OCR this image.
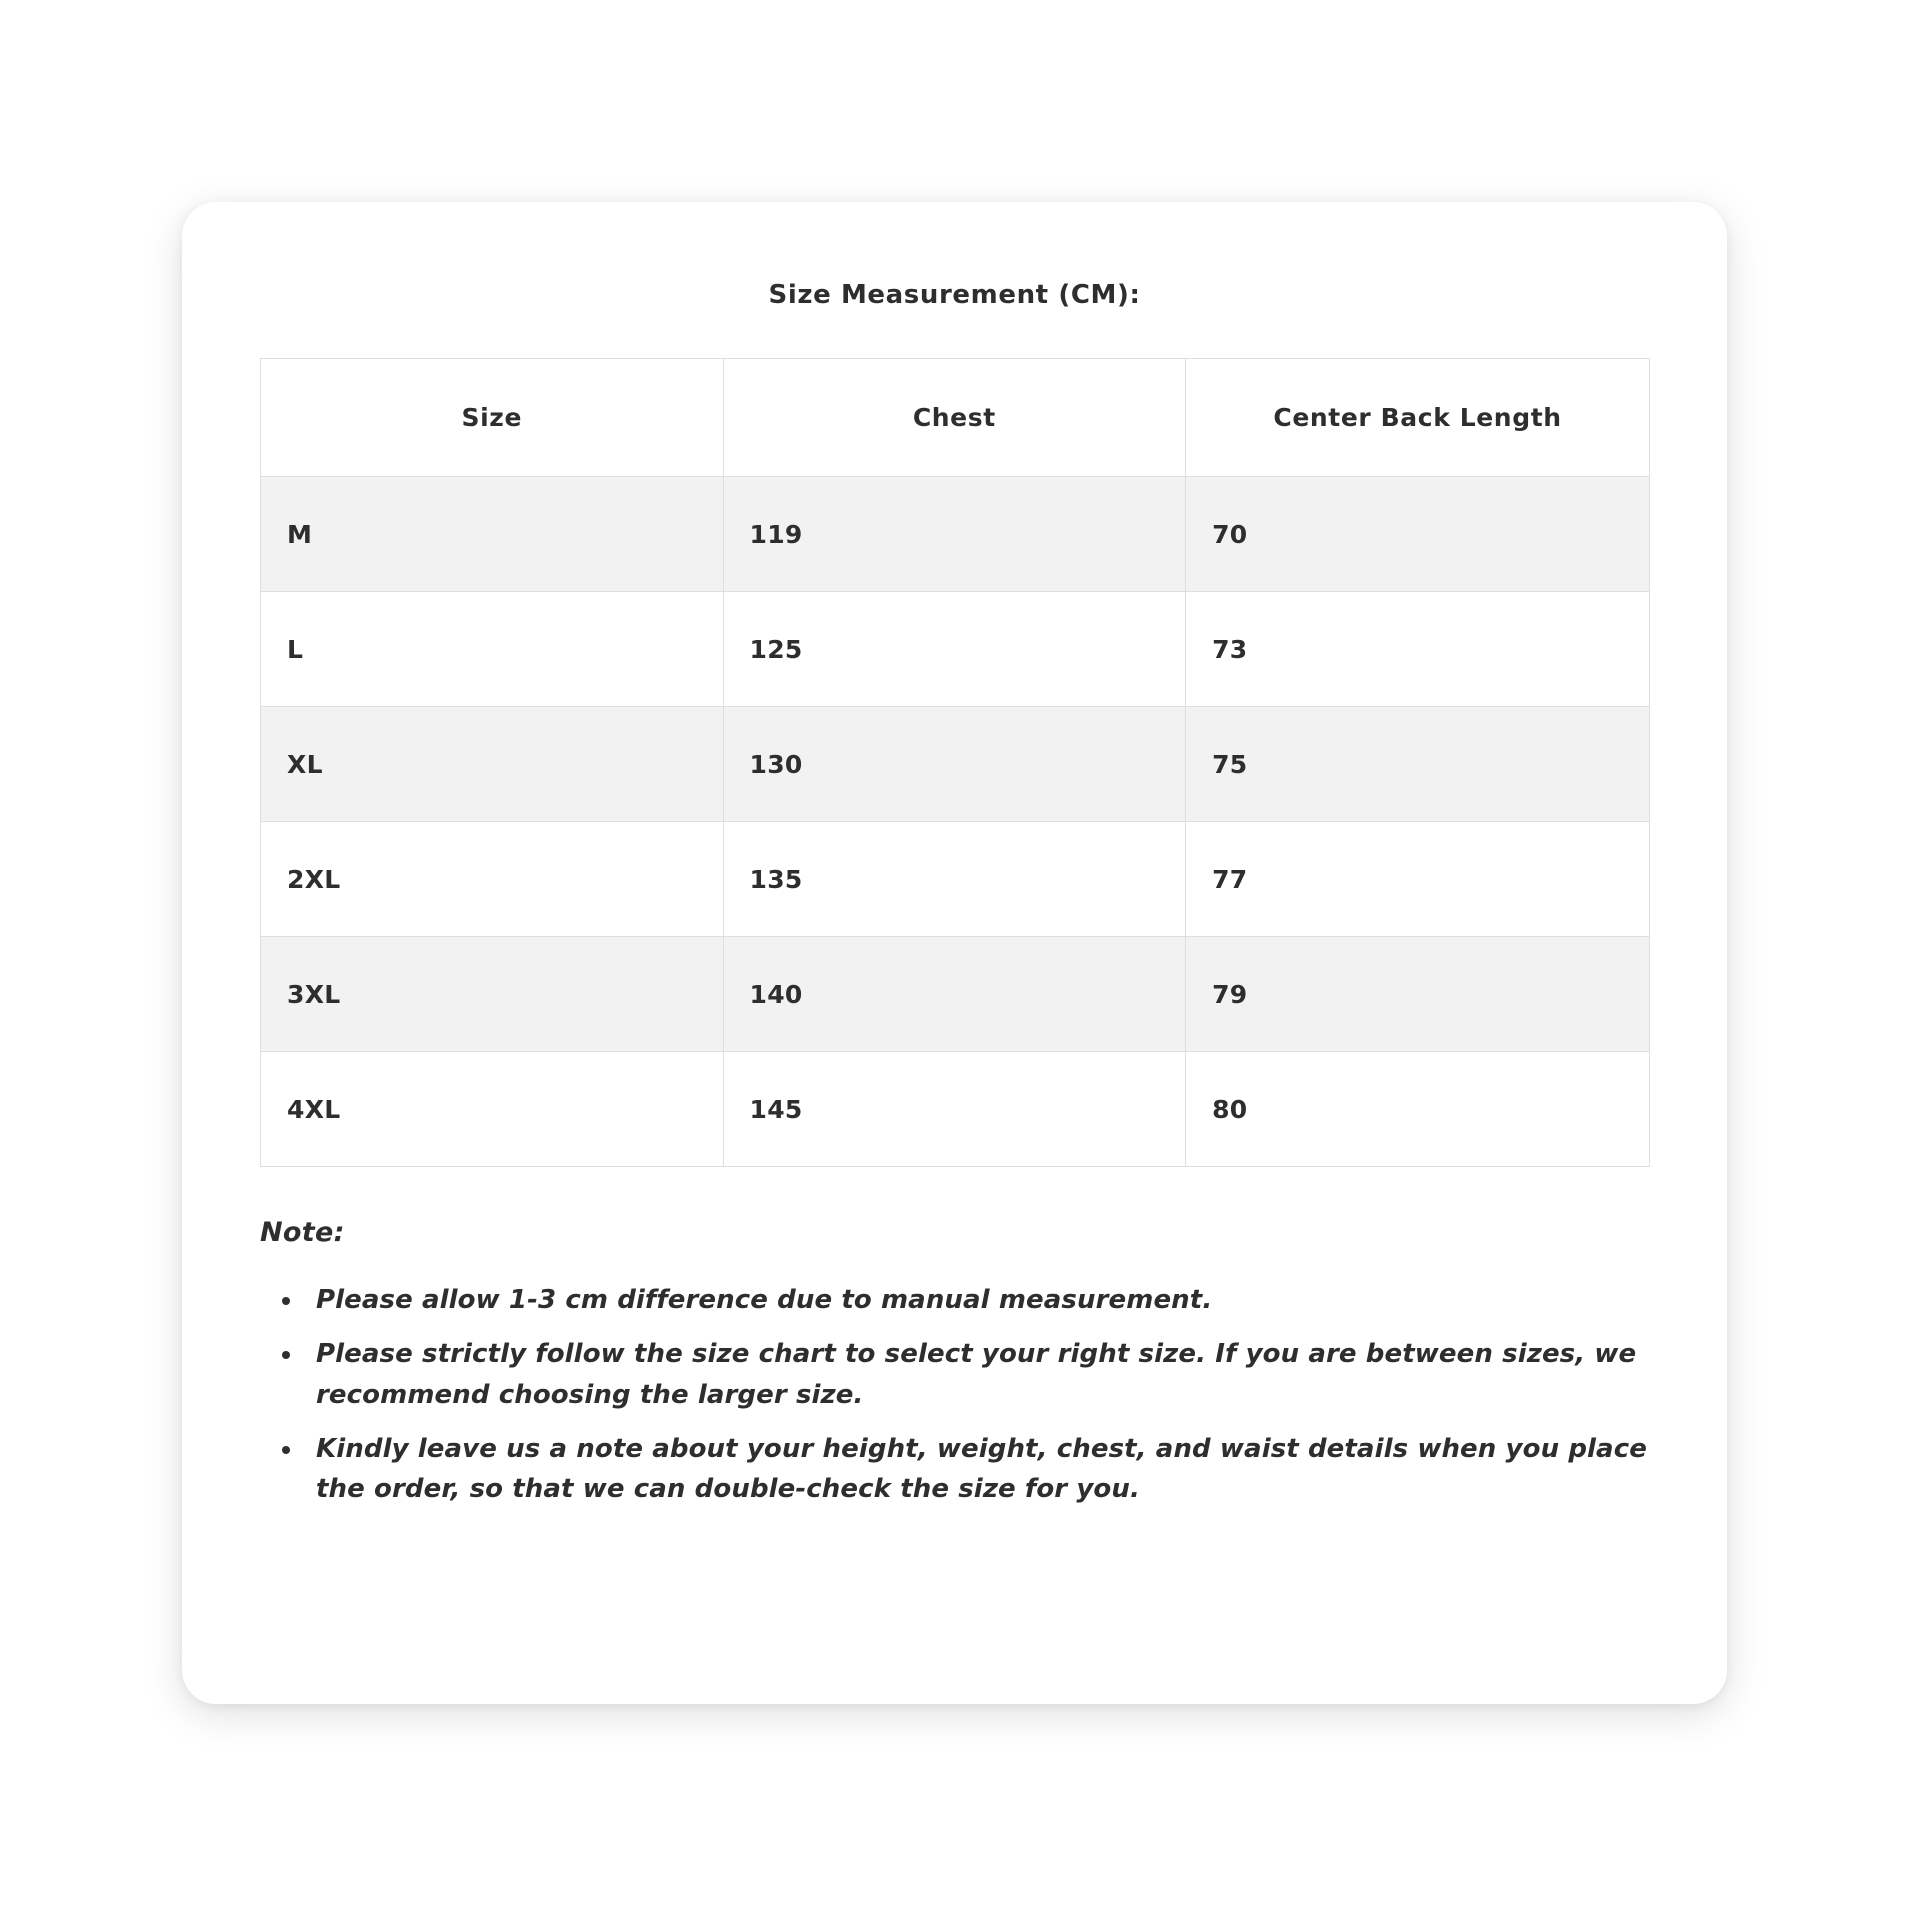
Size Measurement (CM):
Size	Chest	Center Back Length
M	119	70
L	125	73
XL	130	75
2XL	135	77
3XL	140	79
4XL	145	80
Note:
• Please allow 1-3 cm difference due to manual measurement.
• Please strictly follow the size chart to select your right size. If you are between sizes, we recommend choosing the larger size.
• Kindly leave us a note about your height, weight, chest, and waist details when you place the order, so that we can double-check the size for you.
